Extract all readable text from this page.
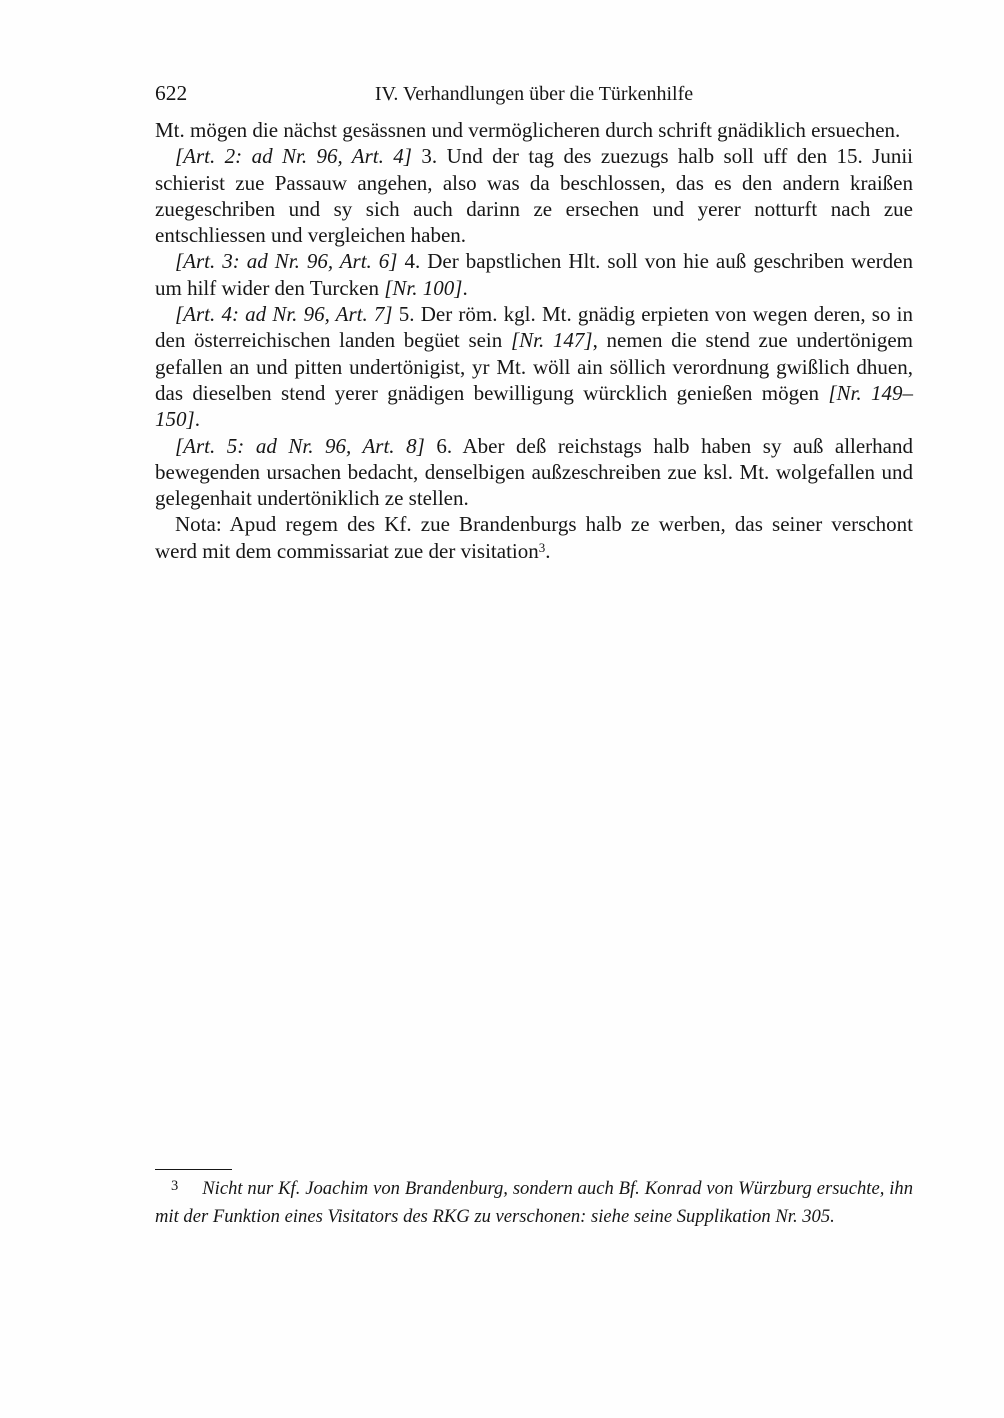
622	IV. Verhandlungen über die Türkenhilfe

Mt. mögen die nächst gesässnen und vermöglicheren durch schrift gnädiklich ersuechen.

[Art. 2: ad Nr. 96, Art. 4] 3. Und der tag des zuezugs halb soll uff den 15. Junii schierist zue Passauw angehen, also was da beschlossen, das es den andern kraißen zuegeschriben und sy sich auch darinn ze ersechen und yerer notturft nach zue entschliessen und vergleichen haben.

[Art. 3: ad Nr. 96, Art. 6] 4. Der bapstlichen Hlt. soll von hie auß geschriben werden um hilf wider den Turcken [Nr. 100].

[Art. 4: ad Nr. 96, Art. 7] 5. Der röm. kgl. Mt. gnädig erpieten von wegen deren, so in den österreichischen landen begüet sein [Nr. 147], nemen die stend zue undertönigem gefallen an und pitten undertönigist, yr Mt. wöll ain söllich verordnung gwißlich dhuen, das dieselben stend yerer gnädigen bewilligung würcklich genießen mögen [Nr. 149–150].

[Art. 5: ad Nr. 96, Art. 8] 6. Aber deß reichstags halb haben sy auß allerhand bewegenden ursachen bedacht, denselbigen außzeschreiben zue ksl. Mt. wolgefallen und gelegenhait undertöniklich ze stellen.

Nota: Apud regem des Kf. zue Brandenburgs halb ze werben, das seiner verschont werd mit dem commissariat zue der visitation$^3$.

$^3$ Nicht nur Kf. Joachim von Brandenburg, sondern auch Bf. Konrad von Würzburg ersuchte, ihn mit der Funktion eines Visitators des RKG zu verschonen: siehe seine Supplikation Nr. 305.
